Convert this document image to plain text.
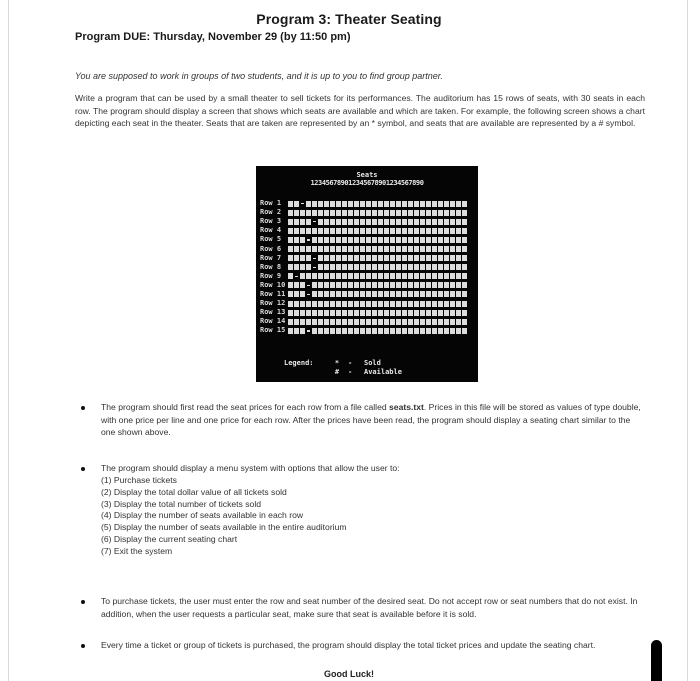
Program 3: Theater Seating
Program DUE: Thursday, November 29 (by 11:50 pm)
You are supposed to work in groups of two students, and it is up to you to find group partner.
Write a program that can be used by a small theater to sell tickets for its performances. The auditorium has 15 rows of seats, with 30 seats in each row. The program should display a screen that shows which seats are available and which are taken. For example, the following screen shows a chart depicting each seat in the theater. Seats that are taken are represented by an * symbol, and seats that are available are represented by a # symbol.
Seats
123456789012345678901234567890
Row 1
Row 2
Row 3
Row 4
Row 5
Row 6
Row 7
Row 8
Row 9
Row 10
Row 11
Row 12
Row 13
Row 14
Row 15
Legend:	*	-	Sold
#	-	Available

The program should first read the seat prices for each row from a file called seats.txt. Prices in this file will be stored as values of type double, with one price per line and one price for each row. After the prices have been read, the program should display a seating chart similar to the one shown above.

The program should display a menu system with options that allow the user to:

(1) Purchase tickets
(2) Display the total dollar value of all tickets sold
(3) Display the total number of tickets sold
(4) Display the number of seats available in each row
(5) Display the number of seats available in the entire auditorium
(6) Display the current seating chart
(7) Exit the system

To purchase tickets, the user must enter the row and seat number of the desired seat. Do not accept row or seat numbers that do not exist. In addition, when the user requests a particular seat, make sure that seat is available before it is sold.

Every time a ticket or group of tickets is purchased, the program should display the total ticket prices and update the seating chart.

Good Luck!
